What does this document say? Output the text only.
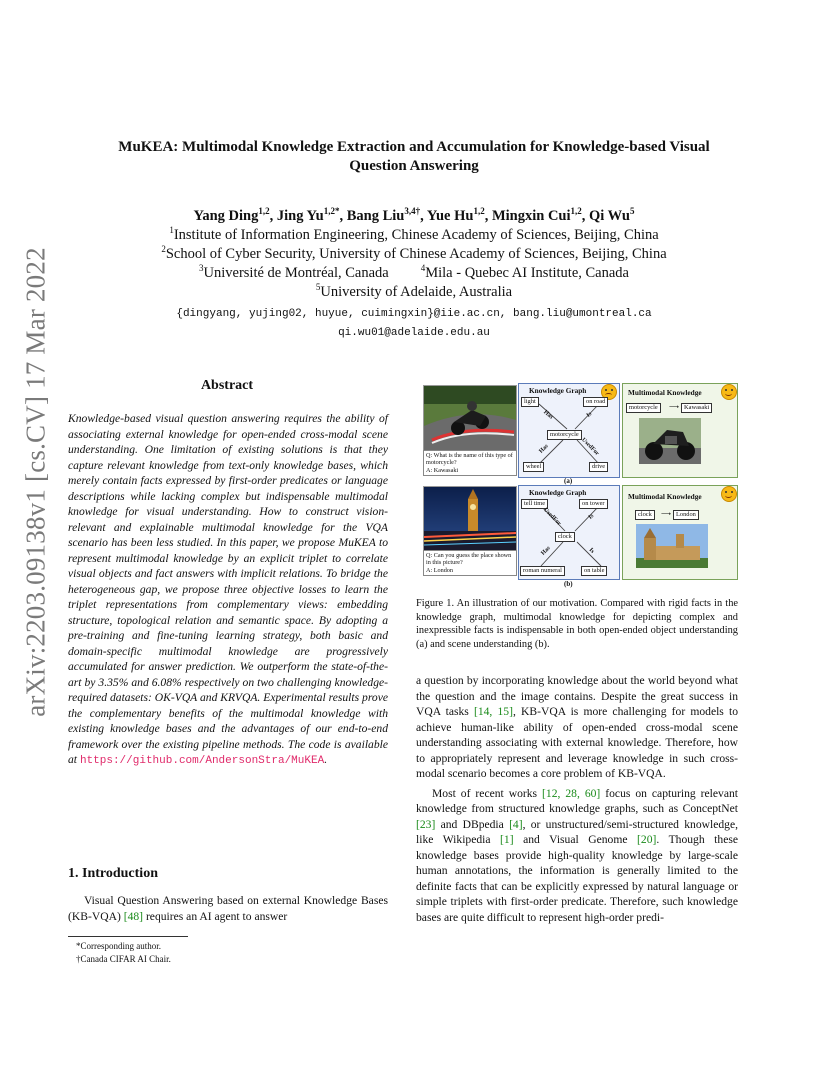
arXiv:2203.09138v1 [cs.CV] 17 Mar 2022
MuKEA: Multimodal Knowledge Extraction and Accumulation for Knowledge-based Visual
Question Answering
Yang Ding$^{1,2}$, Jing $Yu^{1,2*}$, Bang Liu$^{3,4\dagger}$, Yue Hu$^{1,2}$, Mingxin Cui$^{1,2}$, Qi Wu$^5$
$^1$Institute of Information Engineering, Chinese Academy of Sciences, Beijing, China
$^2$School of Cyber Security, University of Chinese Academy of Sciences, Beijing, China
$^3$Université de Montréal, Canada	$^4$Mila - Quebec AI Institute, Canada
$^5$University of Adelaide, Australia
{dingyang, yujing02, huyue, cuimingxin}@iie.ac.cn, bang.liu@umontreal.ca
qi.wu01@adelaide.edu.au
Abstract
Knowledge-based visual question answering requires the ability of associating external knowledge for open-ended cross-modal scene understanding. One limitation of existing solutions is that they capture relevant knowledge from text-only knowledge bases, which merely contain facts expressed by first-order predicates or language descriptions while lacking complex but indispensable multimodal knowledge for visual understanding. How to construct vision-relevant and explainable multimodal knowledge for the VQA scenario has been less studied. In this paper, we propose MuKEA to represent multimodal knowledge by an explicit triplet to correlate visual objects and fact answers with implicit relations. To bridge the heterogeneous gap, we propose three objective losses to learn the triplet representations from complementary views: embedding structure, topological relation and semantic space. By adopting a pre-training and fine-tuning learning strategy, both basic and domain-specific multimodal knowledge are progressively accumulated for answer prediction. We outperform the state-of-the-art by 3.35% and 6.08% respectively on two challenging knowledge-required datasets: OK-VQA and KRVQA. Experimental results prove the complementary benefits of the multimodal knowledge with existing knowledge bases and the advantages of our end-to-end framework over the existing pipeline methods. The code is available at https://github.com/AndersonStra/MuKEA.
1. Introduction
Visual Question Answering based on external Knowledge Bases (KB-VQA) [48] requires an AI agent to answer
*Corresponding author.
†Canada CIFAR AI Chair.
Q: What is the name of this type of motorcycle?
A: Kawasaki
Knowledge Graph
light	on road
motorcycle
wheel	drive
Has	Is
Has	UsedFor
(a)
Multimodal Knowledge
motorcycle	⟶ Kawasaki
Q: Can you guess the place shown in this picture?
A: London
Knowledge Graph
tell time	on tower
clock
roman numeral	on table
UsedFor	Is
Has	Is
(b)
Multimodal Knowledge
clock	⟶ London
Figure 1. An illustration of our motivation. Compared with rigid facts in the knowledge graph, multimodal knowledge for depicting complex and inexpressible facts is indispensable in both open-ended object understanding (a) and scene understanding (b).

a question by incorporating knowledge about the world beyond what the question and the image contains. Despite the great success in VQA tasks [14, 15], KB-VQA is more challenging for models to achieve human-like ability of open-ended cross-modal scene understanding associating with external knowledge. Therefore, how to appropriately represent and leverage knowledge in such cross-modal scenario becomes a core problem of KB-VQA.

Most of recent works [12, 28, 60] focus on capturing relevant knowledge from structured knowledge graphs, such as ConceptNet [23] and DBpedia [4], or unstructured/semi-structured knowledge, like Wikipedia [1] and Visual Genome [20]. Though these knowledge bases provide high-quality knowledge by large-scale human annotations, the information is generally limited to the definite facts that can be explicitly expressed by natural language or simple triplets with first-order predicate. Therefore, such knowledge bases are quite difficult to represent high-order predi-
